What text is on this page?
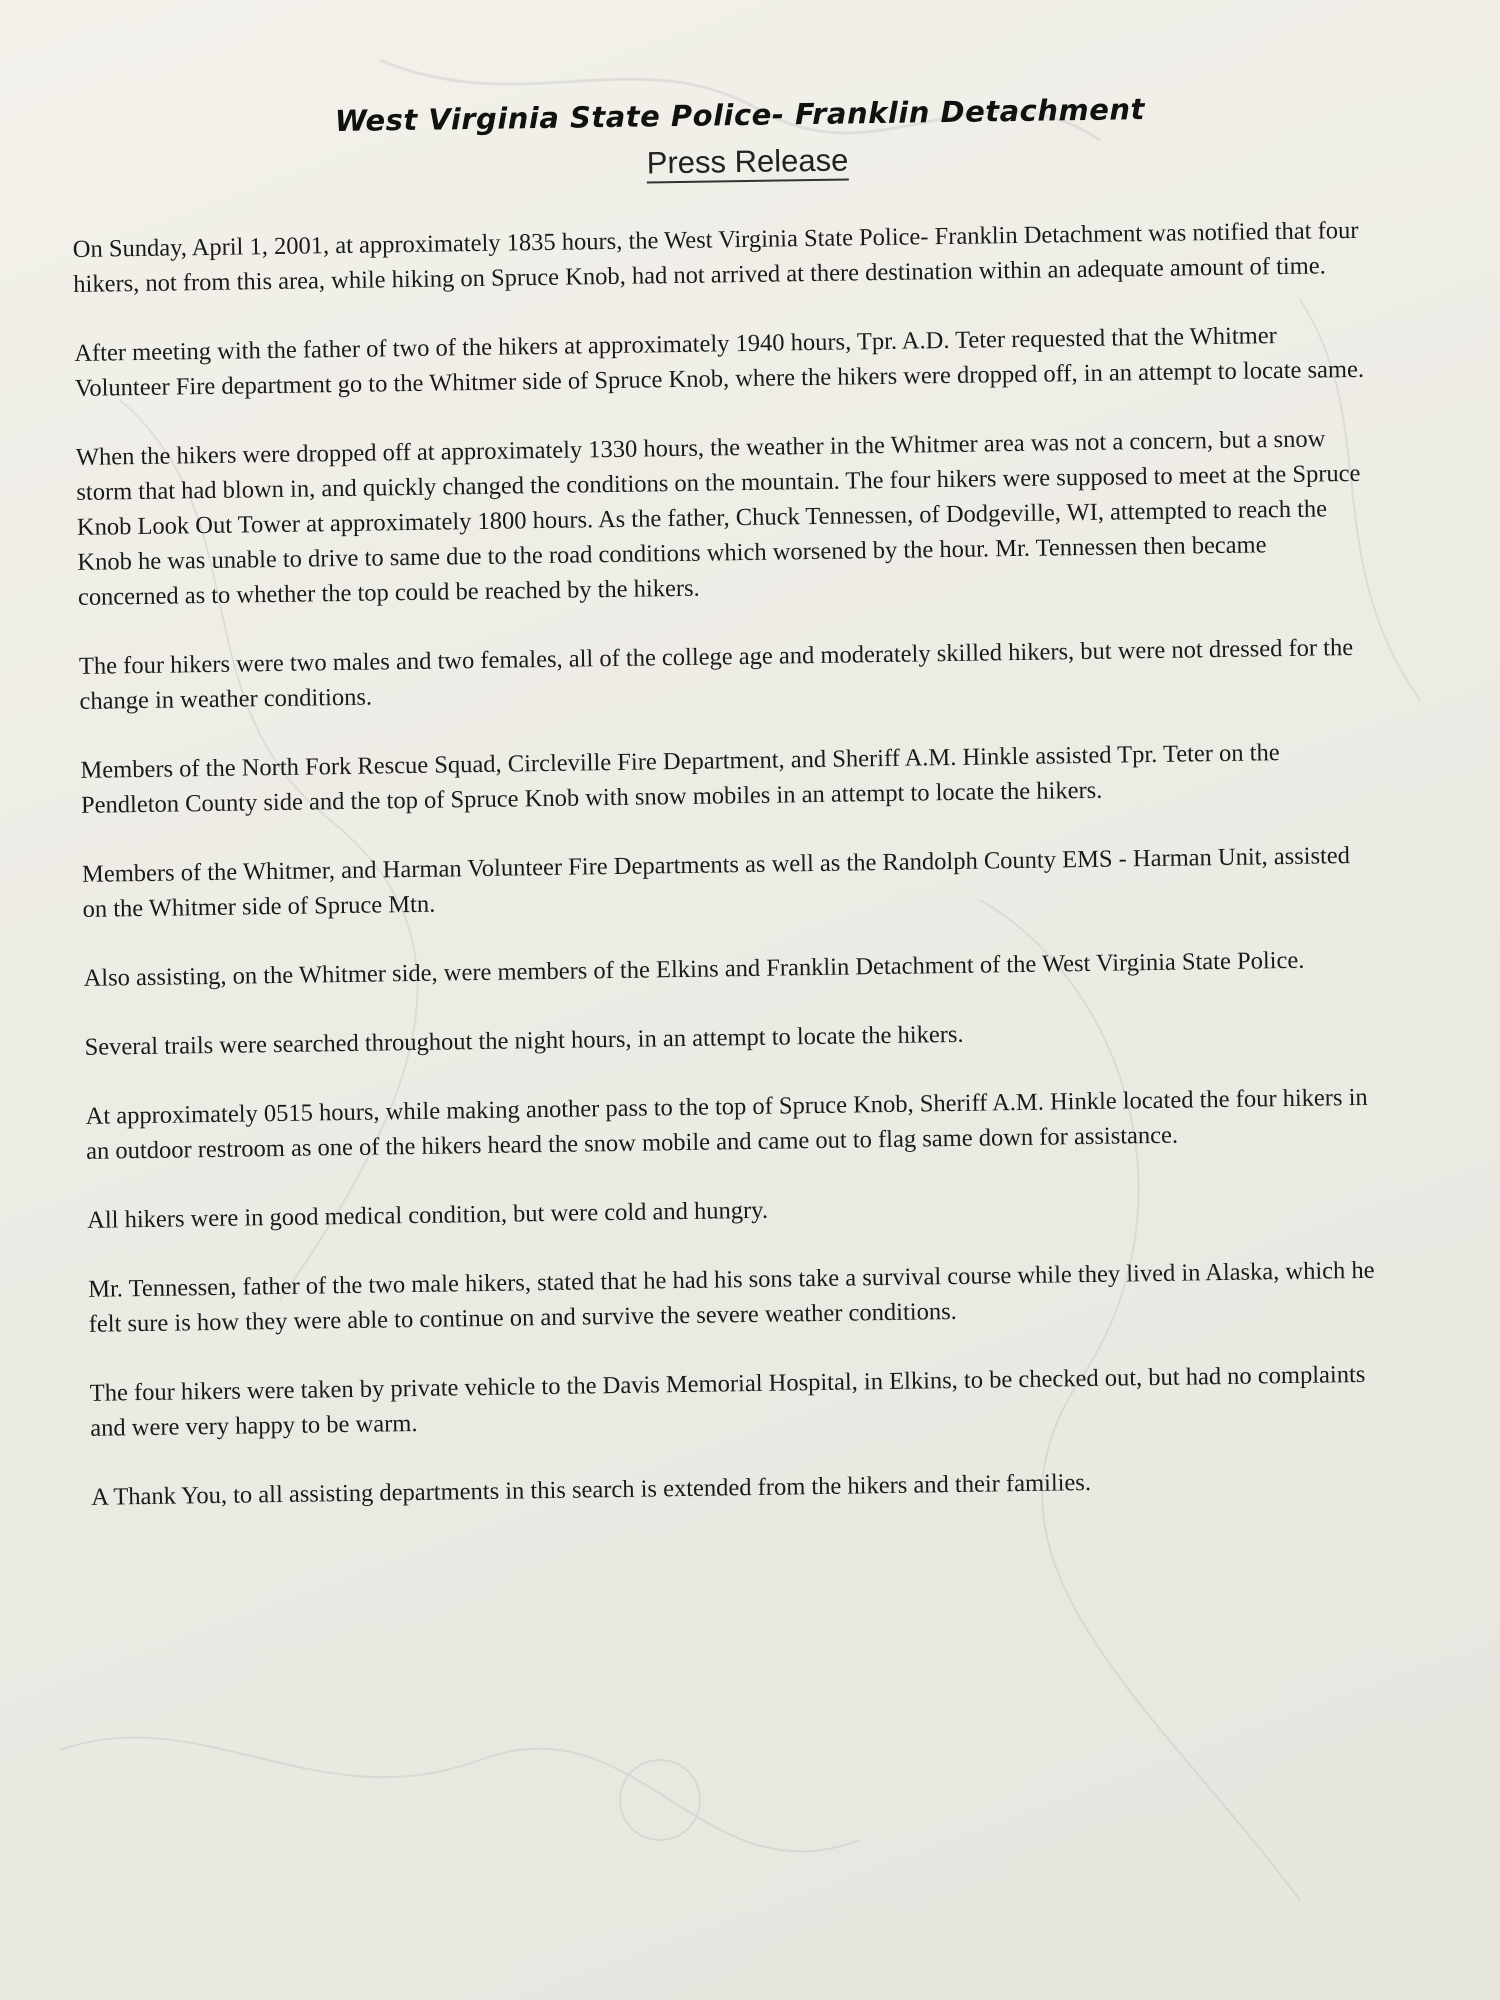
West Virginia State Police- Franklin Detachment
Press Release

On Sunday, April 1, 2001, at approximately 1835 hours, the West Virginia State Police- Franklin Detachment was notified that four hikers, not from this area, while hiking on Spruce Knob, had not arrived at there destination within an adequate amount of time.

After meeting with the father of two of the hikers at approximately 1940 hours, Tpr. A.D. Teter requested that the Whitmer Volunteer Fire department go to the Whitmer side of Spruce Knob, where the hikers were dropped off, in an attempt to locate same.

When the hikers were dropped off at approximately 1330 hours, the weather in the Whitmer area was not a concern, but a snow storm that had blown in, and quickly changed the conditions on the mountain. The four hikers were supposed to meet at the Spruce Knob Look Out Tower at approximately 1800 hours. As the father, Chuck Tennessen, of Dodgeville, WI, attempted to reach the Knob he was unable to drive to same due to the road conditions which worsened by the hour. Mr. Tennessen then became concerned as to whether the top could be reached by the hikers.

The four hikers were two males and two females, all of the college age and moderately skilled hikers, but were not dressed for the change in weather conditions.

Members of the North Fork Rescue Squad, Circleville Fire Department, and Sheriff A.M. Hinkle assisted Tpr. Teter on the Pendleton County side and the top of Spruce Knob with snow mobiles in an attempt to locate the hikers.

Members of the Whitmer, and Harman Volunteer Fire Departments as well as the Randolph County EMS - Harman Unit, assisted on the Whitmer side of Spruce Mtn.

Also assisting, on the Whitmer side, were members of the Elkins and Franklin Detachment of the West Virginia State Police.

Several trails were searched throughout the night hours, in an attempt to locate the hikers.

At approximately 0515 hours, while making another pass to the top of Spruce Knob, Sheriff A.M. Hinkle located the four hikers in an outdoor restroom as one of the hikers heard the snow mobile and came out to flag same down for assistance.

All hikers were in good medical condition, but were cold and hungry.

Mr. Tennessen, father of the two male hikers, stated that he had his sons take a survival course while they lived in Alaska, which he felt sure is how they were able to continue on and survive the severe weather conditions.

The four hikers were taken by private vehicle to the Davis Memorial Hospital, in Elkins, to be checked out, but had no complaints and were very happy to be warm.

A Thank You, to all assisting departments in this search is extended from the hikers and their families.
